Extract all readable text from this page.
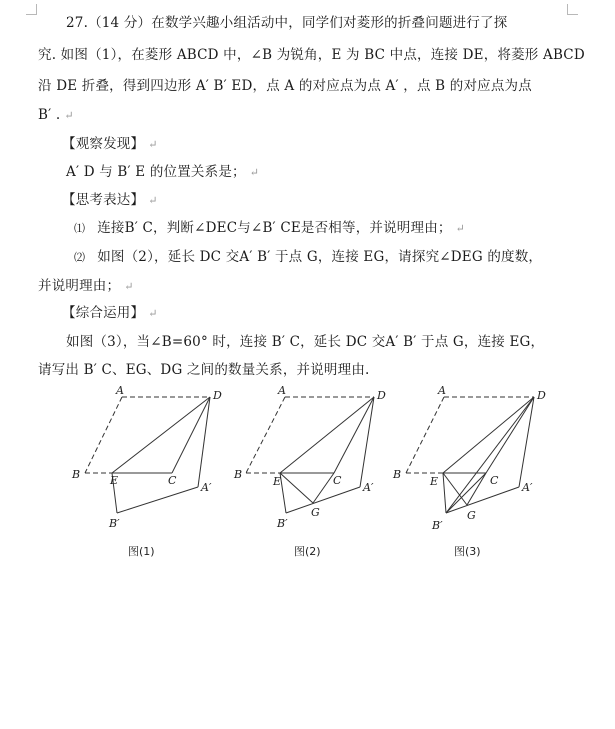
27.（14 分）在数学兴趣小组活动中，同学们对菱形的折叠问题进行了探
究. 如图（1），在菱形 ABCD 中，∠B 为锐角，E 为 BC 中点，连接 DE，将菱形 ABCD
沿 DE 折叠，得到四边形 A′ B′ ED，点 A 的对应点为点 A′ ，点 B 的对应点为点
B′ . ↵
【观察发现】 ↵
A′ D 与 B′ E 的位置关系是； ↵
【思考表达】 ↵
⑴ 连接B′ C，判断∠DEC与∠B′ CE是否相等，并说明理由； ↵
⑵ 如图（2），延长 DC 交A′ B′ 于点 G，连接 EG，请探究∠DEG 的度数，
并说明理由； ↵
【综合运用】 ↵
如图（3），当∠B=60° 时，连接 B′ C，延长 DC 交A′ B′ 于点 G，连接 EG，
请写出 B′ C、EG、DG 之间的数量关系，并说明理由.
A	D
B	E	C
A′
B′
图(1)
A	D
B
E	C
A′
G
B′
图(2)
A	D
B
E	C
A′
G
B′
图(3)
